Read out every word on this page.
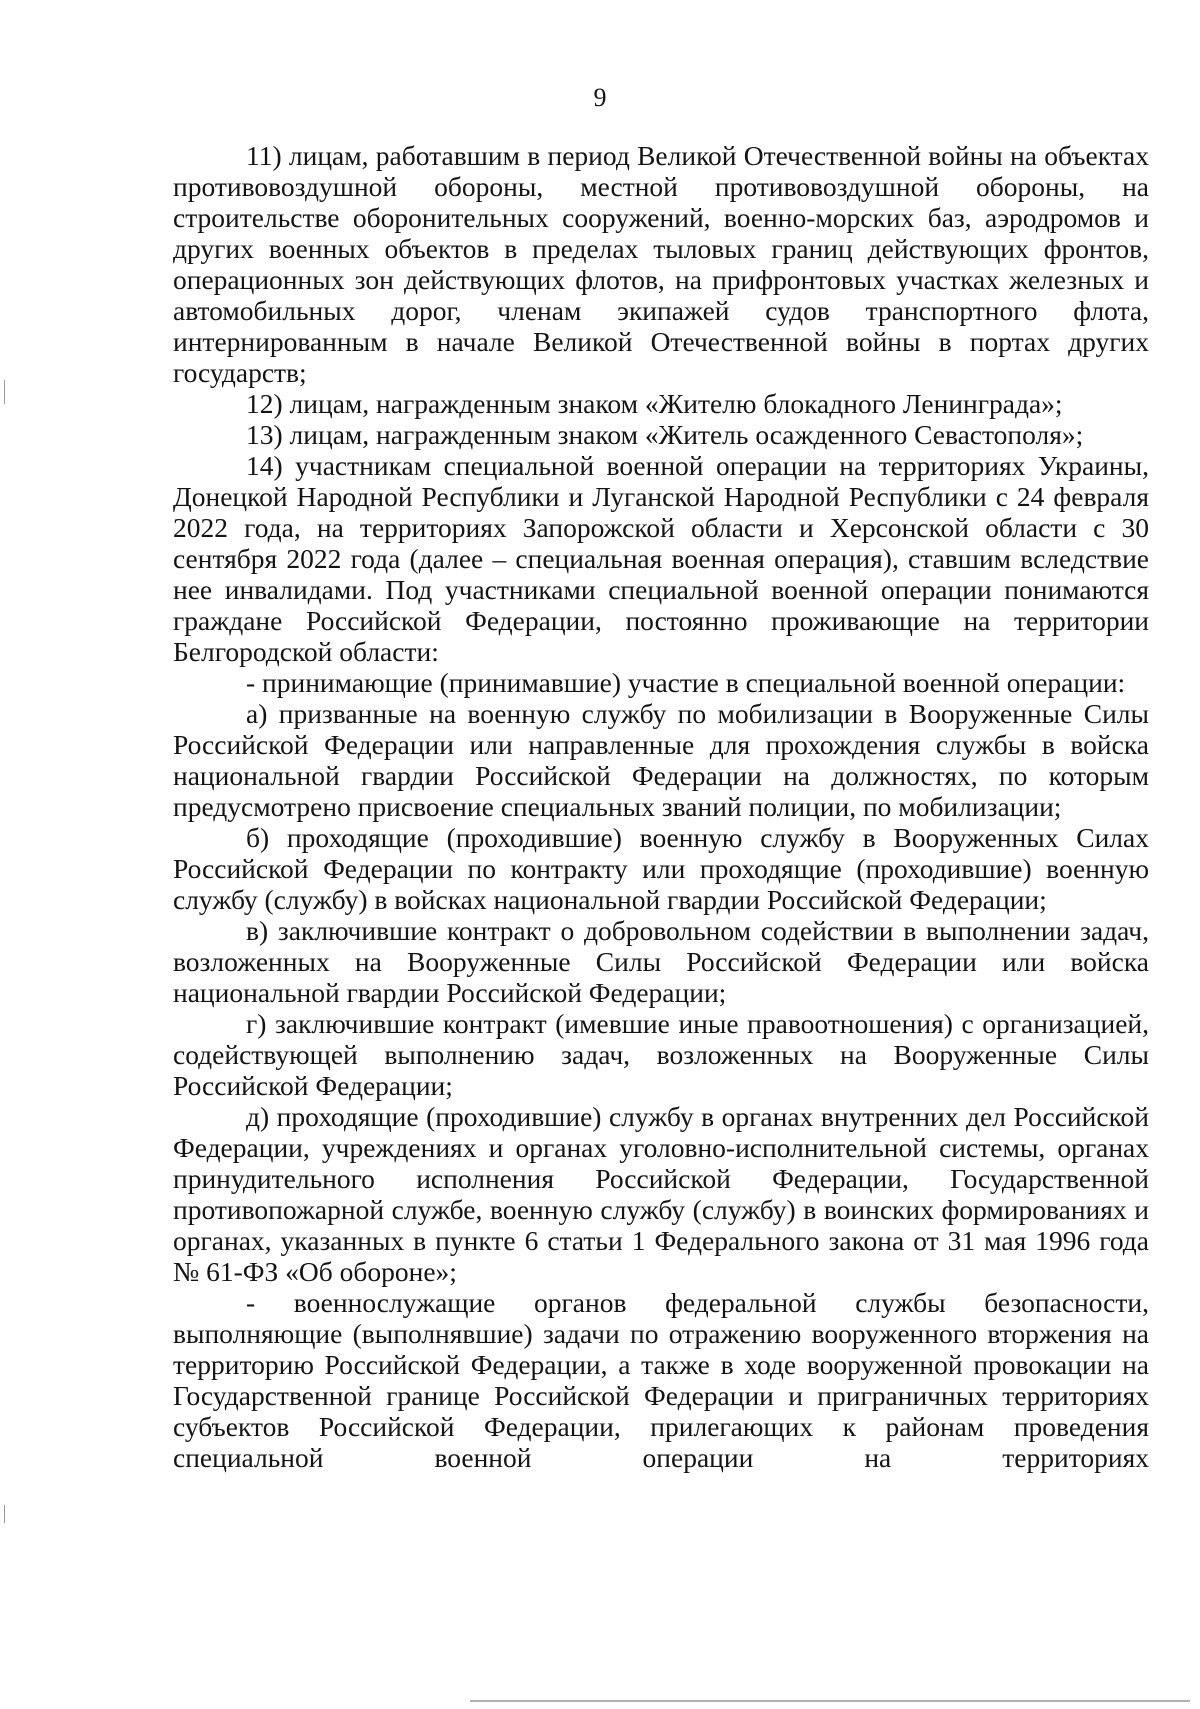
9

11) лицам, работавшим в период Великой Отечественной войны на объектах противовоздушной обороны, местной противовоздушной обороны, на строительстве оборонительных сооружений, военно-морских баз, аэродромов и других военных объектов в пределах тыловых границ действующих фронтов, операционных зон действующих флотов, на прифронтовых участках железных и автомобильных дорог, членам экипажей судов транспортного флота, интернированным в начале Великой Отечественной войны в портах других государств;

12) лицам, награжденным знаком «Жителю блокадного Ленинграда»;

13) лицам, награжденным знаком «Житель осажденного Севастополя»;

14) участникам специальной военной операции на территориях Украины, Донецкой Народной Республики и Луганской Народной Республики с 24 февраля 2022 года, на территориях Запорожской области и Херсонской области с 30 сентября 2022 года (далее – специальная военная операция), ставшим вследствие нее инвалидами. Под участниками специальной военной операции понимаются граждане Российской Федерации, постоянно проживающие на территории Белгородской области:

- принимающие (принимавшие) участие в специальной военной операции:

а) призванные на военную службу по мобилизации в Вооруженные Силы Российской Федерации или направленные для прохождения службы в войска национальной гвардии Российской Федерации на должностях, по которым предусмотрено присвоение специальных званий полиции, по мобилизации;

б) проходящие (проходившие) военную службу в Вооруженных Силах Российской Федерации по контракту или проходящие (проходившие) военную службу (службу) в войсках национальной гвардии Российской Федерации;

в) заключившие контракт о добровольном содействии в выполнении задач, возложенных на Вооруженные Силы Российской Федерации или войска национальной гвардии Российской Федерации;

г) заключившие контракт (имевшие иные правоотношения) с организацией, содействующей выполнению задач, возложенных на Вооруженные Силы Российской Федерации;

д) проходящие (проходившие) службу в органах внутренних дел Российской Федерации, учреждениях и органах уголовно-исполнительной системы, органах принудительного исполнения Российской Федерации, Государственной противопожарной службе, военную службу (службу) в воинских формированиях и органах, указанных в пункте 6 статьи 1 Федерального закона от 31 мая 1996 года № 61-ФЗ «Об обороне»;

- военнослужащие органов федеральной службы безопасности, выполняющие (выполнявшие) задачи по отражению вооруженного вторжения на территорию Российской Федерации, а также в ходе вооруженной провокации на Государственной границе Российской Федерации и приграничных территориях субъектов Российской Федерации, прилегающих к районам проведения специальной военной операции на территориях
